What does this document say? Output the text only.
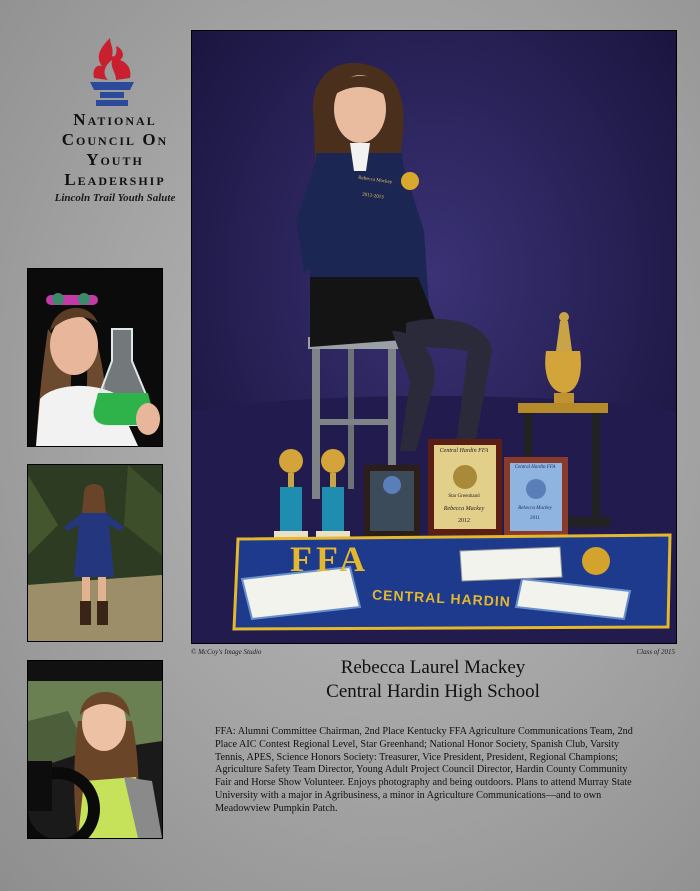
National
Council On
Youth
Leadership
Lincoln Trail Youth Salute
Rebecca Mackey
2012-2013
Central Hardin FFA
Star Greenhand
Rebecca Mackey
2012
Central Hardin FFA
Rebecca Mackey
2011
FFA
CENTRAL HARDIN
© McCoy's Image Studio	Class of 2015

Rebecca Laurel Mackey

Central Hardin High School

FFA: Alumni Committee Chairman, 2nd Place Kentucky FFA Agriculture Communications Team, 2nd Place AIC Contest Regional Level, Star Greenhand; National Honor Society, Spanish Club, Varsity Tennis, APES, Science Honors Society: Treasurer, Vice President, President, Regional Champions; Agriculture Safety Team Director, Young Adult Project Council Director, Hardin County Community Fair and Horse Show Volunteer. Enjoys photography and being outdoors. Plans to attend Murray State University with a major in Agribusiness, a minor in Agriculture Communications—and to own Meadowview Pumpkin Patch.
